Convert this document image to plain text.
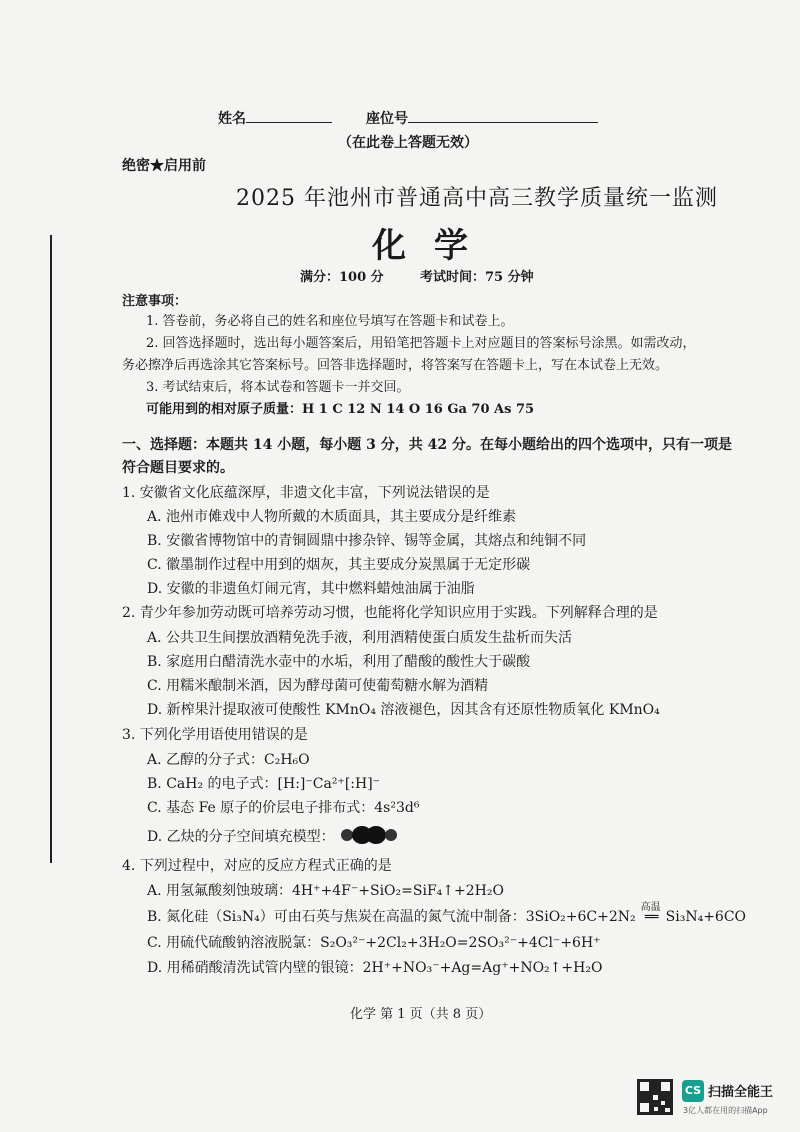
姓名	座位号
（在此卷上答题无效）
绝密★启用前
2025 年池州市普通高中高三教学质量统一监测
化学
满分：100 分	考试时间：75 分钟
注意事项：
1. 答卷前，务必将自己的姓名和座位号填写在答题卡和试卷上。
2. 回答选择题时，选出每小题答案后，用铅笔把答题卡上对应题目的答案标号涂黑。如需改动，
务必擦净后再选涂其它答案标号。回答非选择题时，将答案写在答题卡上，写在本试卷上无效。
3. 考试结束后，将本试卷和答题卡一并交回。
可能用到的相对原子质量：H 1 C 12 N 14 O 16 Ga 70 As 75
一、选择题：本题共 14 小题，每小题 3 分，共 42 分。在每小题给出的四个选项中，只有一项是
符合题目要求的。
1. 安徽省文化底蕴深厚，非遗文化丰富，下列说法错误的是
A. 池州市傩戏中人物所戴的木质面具，其主要成分是纤维素
B. 安徽省博物馆中的青铜圆鼎中掺杂锌、锡等金属，其熔点和纯铜不同
C. 徽墨制作过程中用到的烟灰，其主要成分炭黑属于无定形碳
D. 安徽的非遗鱼灯闹元宵，其中燃料蜡烛油属于油脂
2. 青少年参加劳动既可培养劳动习惯，也能将化学知识应用于实践。下列解释合理的是
A. 公共卫生间摆放酒精免洗手液，利用酒精使蛋白质发生盐析而失活
B. 家庭用白醋清洗水壶中的水垢，利用了醋酸的酸性大于碳酸
C. 用糯米酿制米酒，因为酵母菌可使葡萄糖水解为酒精
D. 新榨果汁提取液可使酸性 KMnO₄ 溶液褪色，因其含有还原性物质氧化 KMnO₄
3. 下列化学用语使用错误的是
A. 乙醇的分子式：C₂H₆O
B. CaH₂ 的电子式：[H:]⁻Ca²⁺[:H]⁻
C. 基态 Fe 原子的价层电子排布式：4s²3d⁶
D. 乙炔的分子空间填充模型：
4. 下列过程中，对应的反应方程式正确的是
A. 用氢氟酸刻蚀玻璃：4H⁺+4F⁻+SiO₂=SiF₄↑+2H₂O
B. 氮化硅（Si₃N₄）可由石英与焦炭在高温的氮气流中制备：3SiO₂+6C+2N₂
高温
══ Si₃N₄+6CO
C. 用硫代硫酸钠溶液脱氯：S₂O₃²⁻+2Cl₂+3H₂O=2SO₃²⁻+4Cl⁻+6H⁺
D. 用稀硝酸清洗试管内壁的银镜：2H⁺+NO₃⁻+Ag=Ag⁺+NO₂↑+H₂O
化学 第 1 页（共 8 页）
CS 扫描全能王
3亿人都在用的扫描App
